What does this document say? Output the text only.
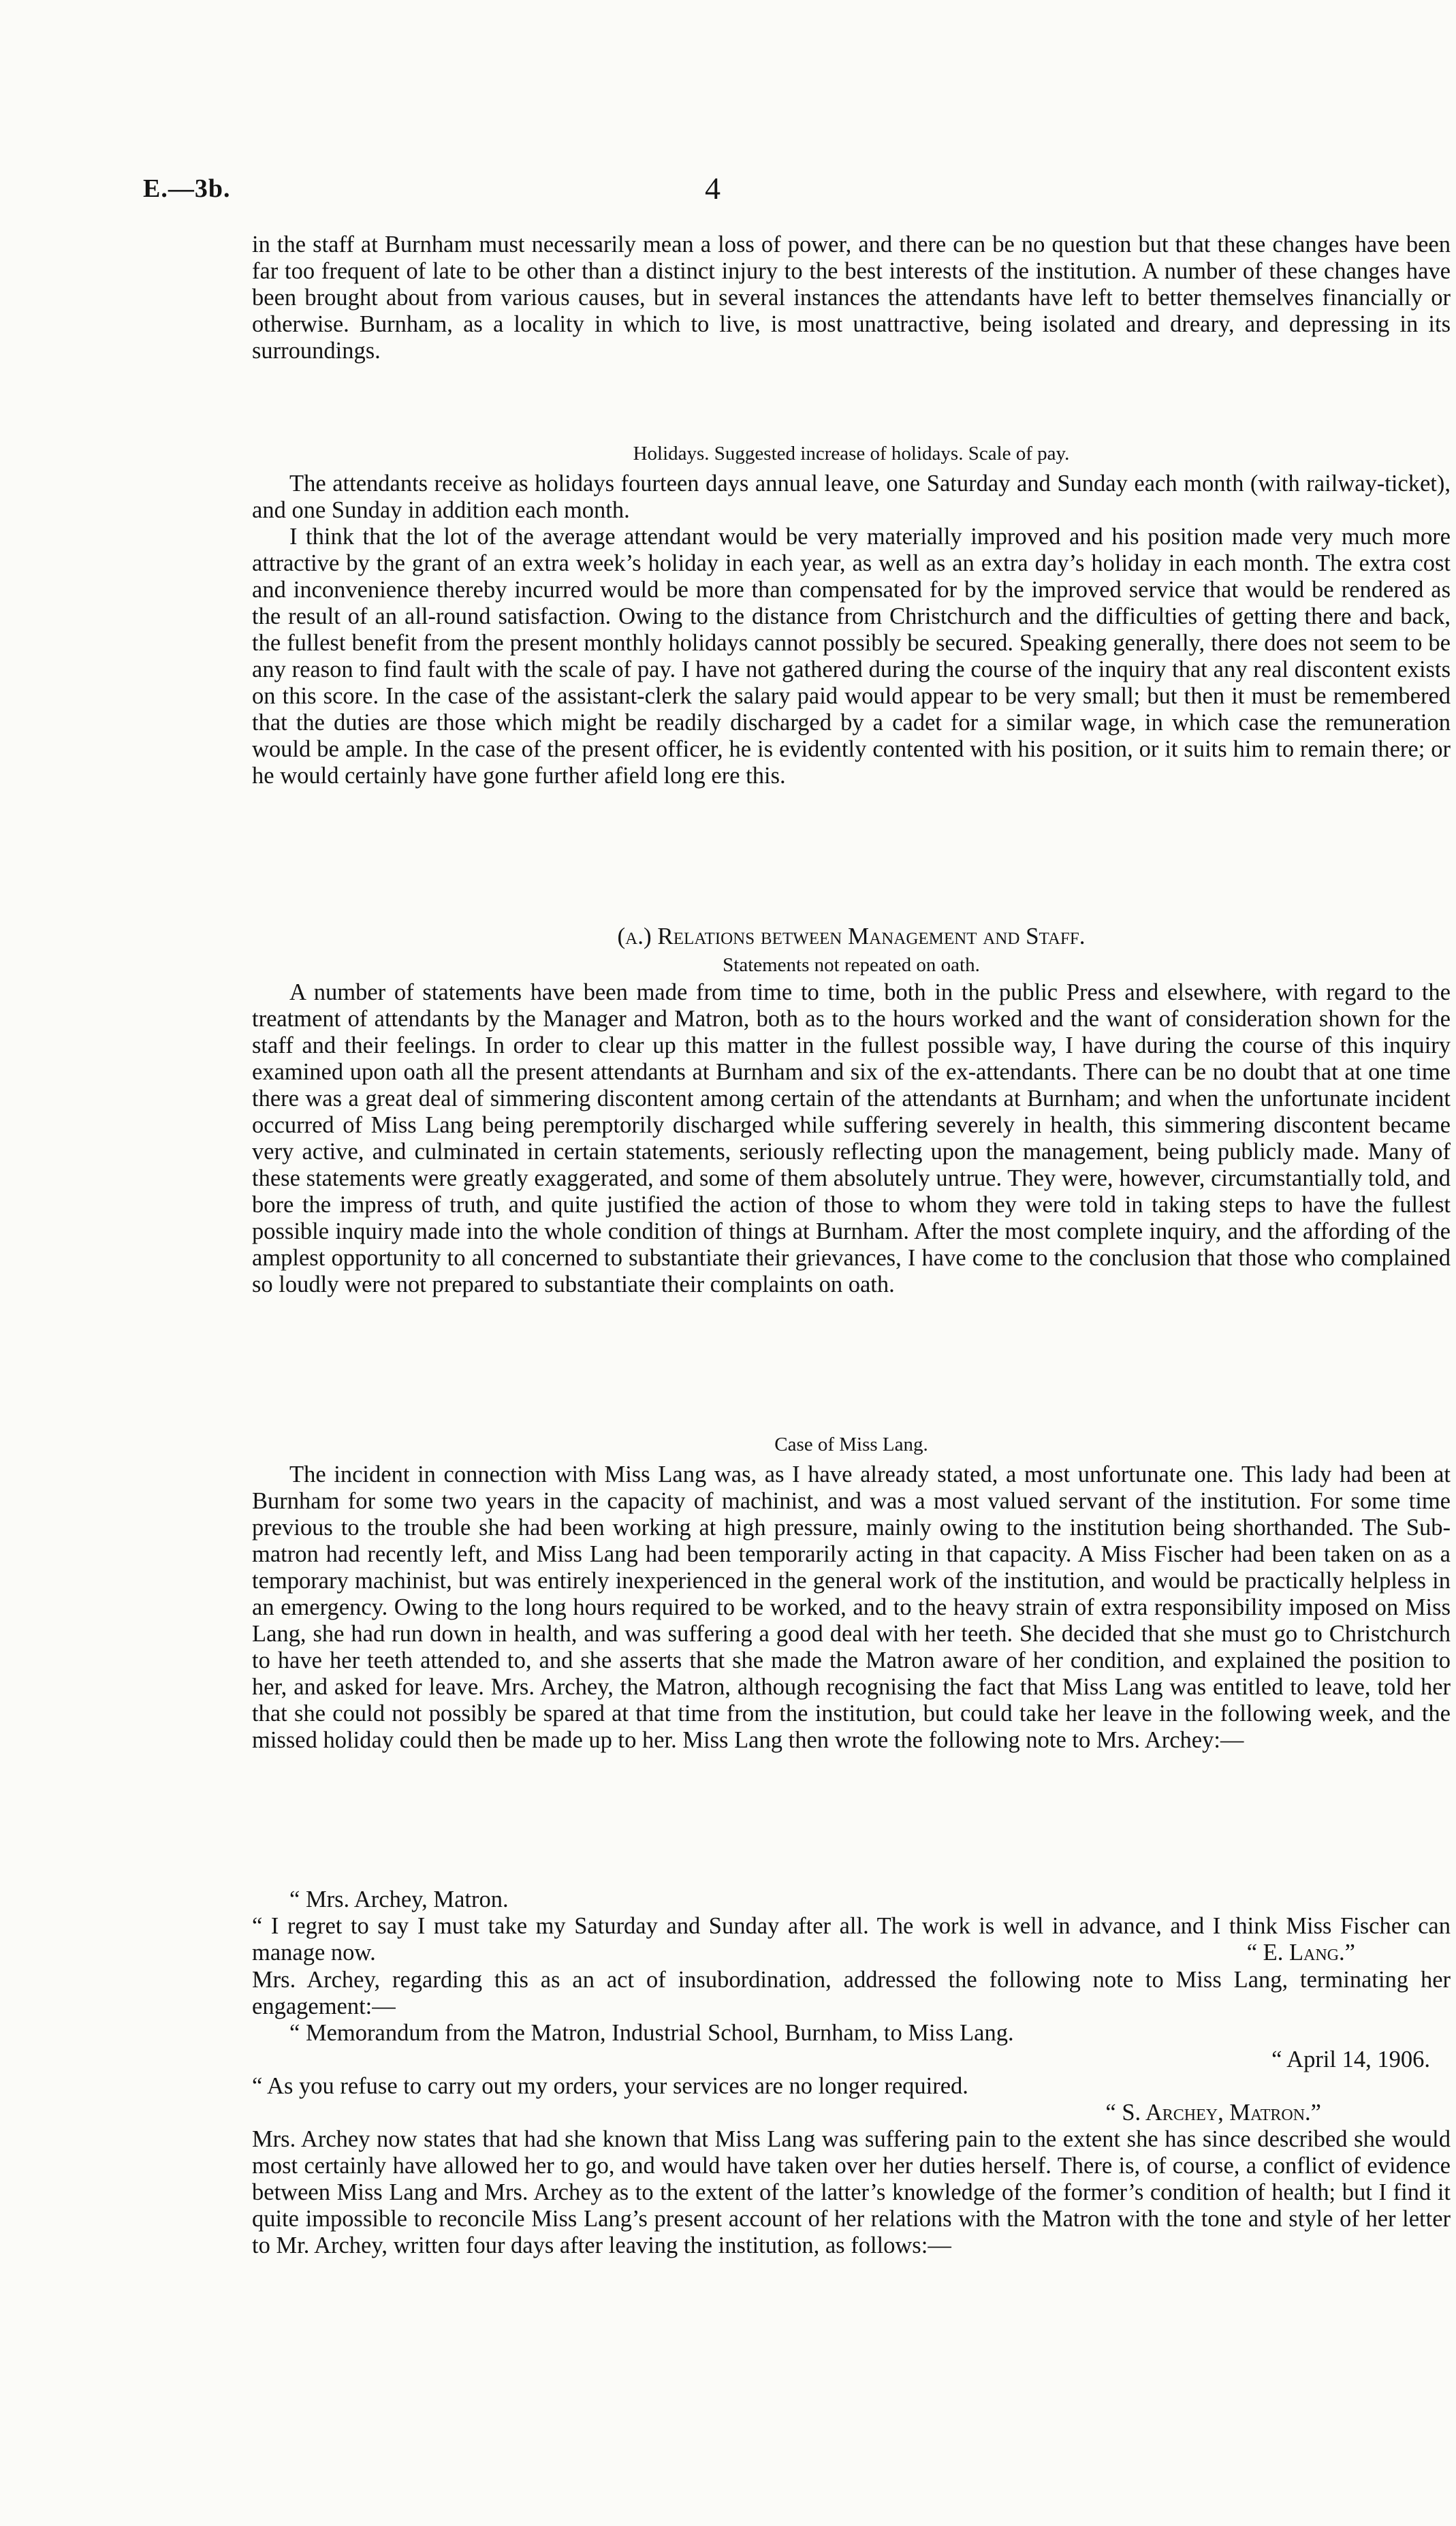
E.—3b.	4

in the staff at Burnham must necessarily mean a loss of power, and there can be no question but that these changes have been far too frequent of late to be other than a distinct injury to the best interests of the institution. A number of these changes have been brought about from various causes, but in several instances the attendants have left to better themselves financially or otherwise. Burnham, as a locality in which to live, is most unattractive, being isolated and dreary, and depressing in its surroundings.

Holidays. Suggested increase of holidays. Scale of pay.

The attendants receive as holidays fourteen days annual leave, one Saturday and Sunday each month (with railway-ticket), and one Sunday in addition each month.

I think that the lot of the average attendant would be very materially improved and his position made very much more attractive by the grant of an extra week’s holiday in each year, as well as an extra day’s holiday in each month. The extra cost and inconvenience thereby incurred would be more than compensated for by the improved service that would be rendered as the result of an all-round satisfaction. Owing to the distance from Christchurch and the difficulties of getting there and back, the fullest benefit from the present monthly holidays cannot possibly be secured. Speaking generally, there does not seem to be any reason to find fault with the scale of pay. I have not gathered during the course of the inquiry that any real discontent exists on this score. In the case of the assistant-clerk the salary paid would appear to be very small; but then it must be remembered that the duties are those which might be readily discharged by a cadet for a similar wage, in which case the remuneration would be ample. In the case of the present officer, he is evidently contented with his position, or it suits him to remain there; or he would certainly have gone further afield long ere this.

(a.) Relations between Management and Staff.

Statements not repeated on oath.

A number of statements have been made from time to time, both in the public Press and elsewhere, with regard to the treatment of attendants by the Manager and Matron, both as to the hours worked and the want of consideration shown for the staff and their feelings. In order to clear up this matter in the fullest possible way, I have during the course of this inquiry examined upon oath all the present attendants at Burnham and six of the ex-attendants. There can be no doubt that at one time there was a great deal of simmering discontent among certain of the attendants at Burnham; and when the unfortunate incident occurred of Miss Lang being peremptorily discharged while suffering severely in health, this simmering discontent became very active, and culminated in certain statements, seriously reflecting upon the management, being publicly made. Many of these statements were greatly exaggerated, and some of them absolutely untrue. They were, however, circumstantially told, and bore the impress of truth, and quite justified the action of those to whom they were told in taking steps to have the fullest possible inquiry made into the whole condition of things at Burnham. After the most complete inquiry, and the affording of the amplest opportunity to all concerned to substantiate their grievances, I have come to the conclusion that those who complained so loudly were not prepared to substantiate their complaints on oath.

Case of Miss Lang.

The incident in connection with Miss Lang was, as I have already stated, a most unfortunate one. This lady had been at Burnham for some two years in the capacity of machinist, and was a most valued servant of the institution. For some time previous to the trouble she had been working at high pressure, mainly owing to the institution being shorthanded. The Sub-matron had recently left, and Miss Lang had been temporarily acting in that capacity. A Miss Fischer had been taken on as a temporary machinist, but was entirely inexperienced in the general work of the institution, and would be practically helpless in an emergency. Owing to the long hours required to be worked, and to the heavy strain of extra responsibility imposed on Miss Lang, she had run down in health, and was suffering a good deal with her teeth. She decided that she must go to Christchurch to have her teeth attended to, and she asserts that she made the Matron aware of her condition, and explained the position to her, and asked for leave. Mrs. Archey, the Matron, although recognising the fact that Miss Lang was entitled to leave, told her that she could not possibly be spared at that time from the institution, but could take her leave in the following week, and the missed holiday could then be made up to her. Miss Lang then wrote the following note to Mrs. Archey:—

“ Mrs. Archey, Matron.

“ I regret to say I must take my Saturday and Sunday after all. The work is well in advance, and I think Miss Fischer can manage now.	“ E. Lang.”

Mrs. Archey, regarding this as an act of insubordination, addressed the following note to Miss Lang, terminating her engagement:—

“ Memorandum from the Matron, Industrial School, Burnham, to Miss Lang.

“ April 14, 1906.

“ As you refuse to carry out my orders, your services are no longer required.

“ S. Archey, Matron.”

Mrs. Archey now states that had she known that Miss Lang was suffering pain to the extent she has since described she would most certainly have allowed her to go, and would have taken over her duties herself. There is, of course, a conflict of evidence between Miss Lang and Mrs. Archey as to the extent of the latter’s knowledge of the former’s condition of health; but I find it quite impossible to reconcile Miss Lang’s present account of her relations with the Matron with the tone and style of her letter to Mr. Archey, written four days after leaving the institution, as follows:—
